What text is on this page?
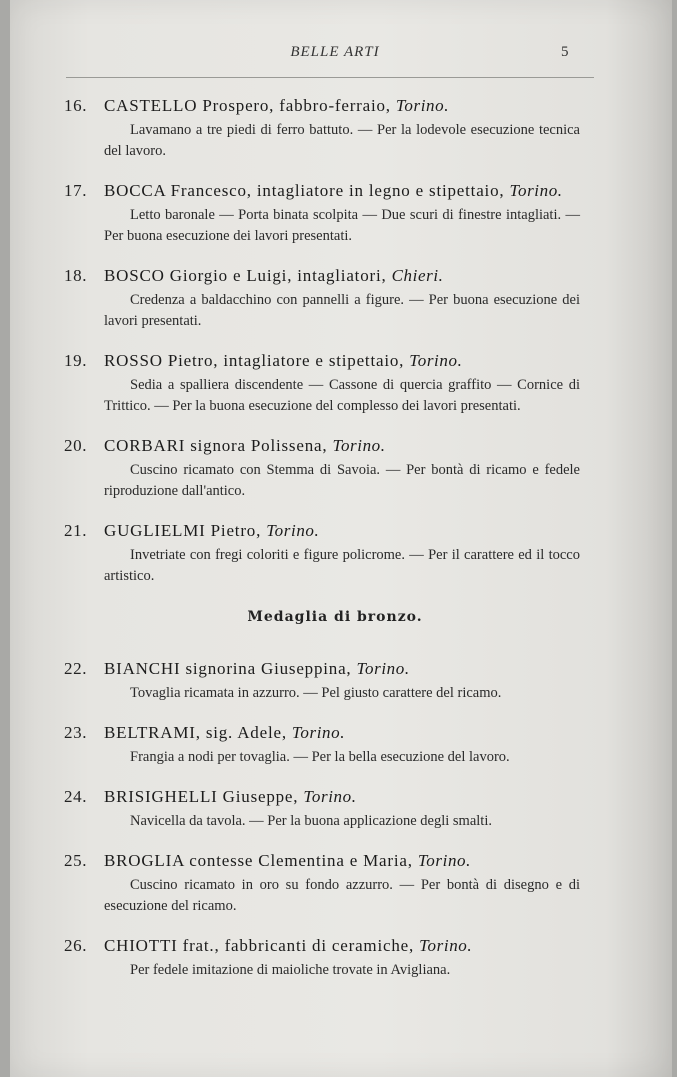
BELLE ARTI	5
16. CASTELLO Prospero, fabbro-ferraio, Torino.
Lavamano a tre piedi di ferro battuto. — Per la lodevole esecuzione tecnica del lavoro.
17. BOCCA Francesco, intagliatore in legno e stipettaio, Torino.
Letto baronale — Porta binata scolpita — Due scuri di finestre intagliati. — Per buona esecuzione dei lavori presentati.
18. BOSCO Giorgio e Luigi, intagliatori, Chieri.
Credenza a baldacchino con pannelli a figure. — Per buona esecuzione dei lavori presentati.
19. ROSSO Pietro, intagliatore e stipettaio, Torino.
Sedia a spalliera discendente — Cassone di quercia graffito — Cornice di Trittico. — Per la buona esecuzione del complesso dei lavori presentati.
20. CORBARI signora Polissena, Torino.
Cuscino ricamato con Stemma di Savoia. — Per bontà di ricamo e fedele riproduzione dall'antico.
21. GUGLIELMI Pietro, Torino.
Invetriate con fregi coloriti e figure policrome. — Per il carattere ed il tocco artistico.
Medaglia di bronzo.
22. BIANCHI signorina Giuseppina, Torino.
Tovaglia ricamata in azzurro. — Pel giusto carattere del ricamo.
23. BELTRAMI, sig. Adele, Torino.
Frangia a nodi per tovaglia. — Per la bella esecuzione del lavoro.
24. BRISIGHELLI Giuseppe, Torino.
Navicella da tavola. — Per la buona applicazione degli smalti.
25. BROGLIA contesse Clementina e Maria, Torino.
Cuscino ricamato in oro su fondo azzurro. — Per bontà di disegno e di esecuzione del ricamo.
26. CHIOTTI frat., fabbricanti di ceramiche, Torino.
Per fedele imitazione di maioliche trovate in Avigliana.
